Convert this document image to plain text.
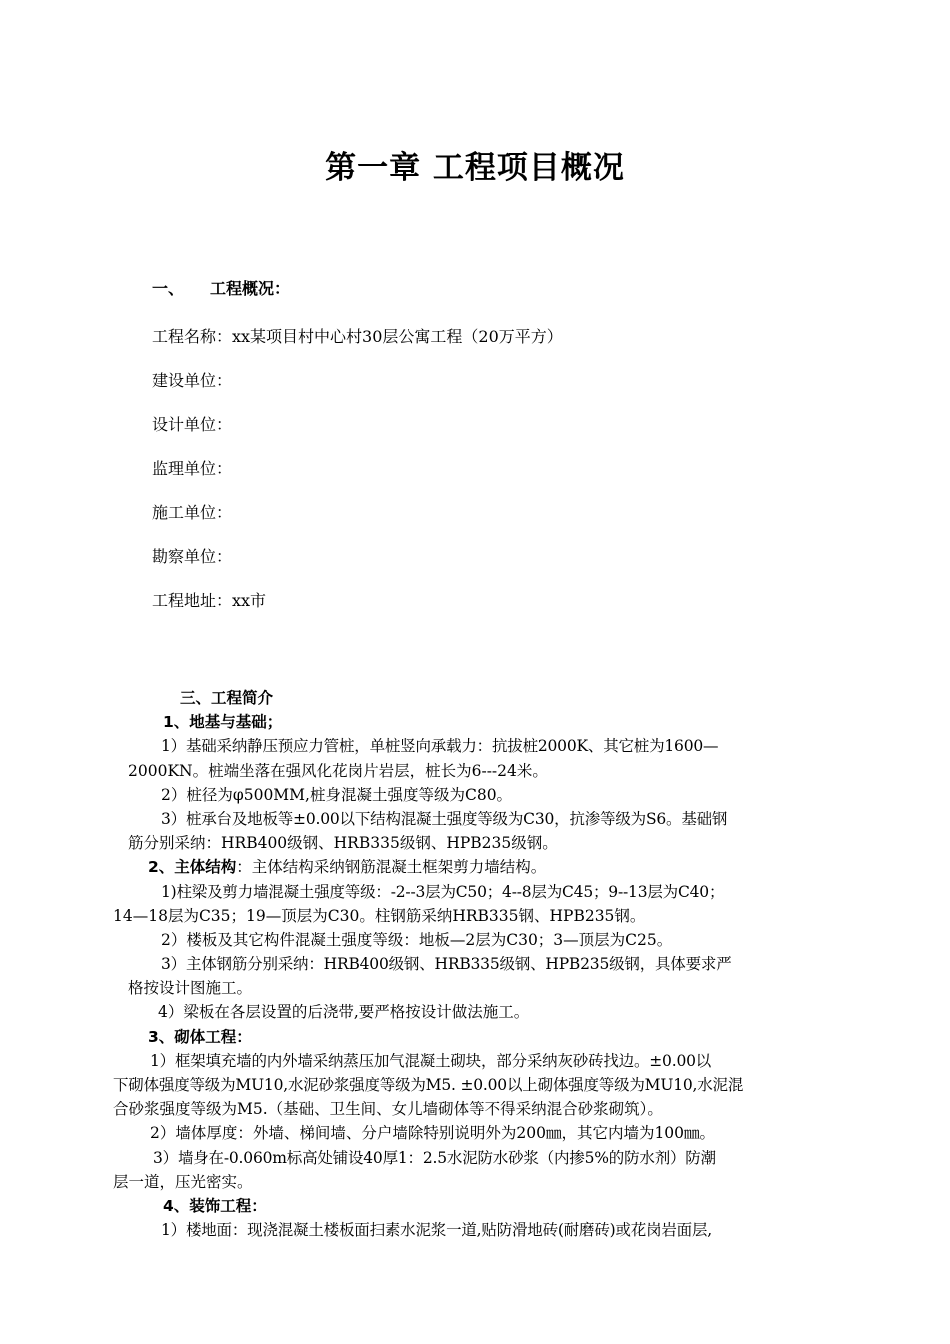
第一章 工程项目概况
一、 工程概况：
工程名称：xx某项目村中心村30层公寓工程（20万平方）
建设单位：
设计单位：
监理单位：
施工单位：
勘察单位：
工程地址：xx市
三、工程简介
1、地基与基础；
1）基础采纳静压预应力管桩，单桩竖向承载力：抗拔桩2000K、其它桩为1600—
2000KN。桩端坐落在强风化花岗片岩层，桩长为6---24米。
2）桩径为φ500MM,桩身混凝土强度等级为C80。
3）桩承台及地板等±0.00以下结构混凝土强度等级为C30，抗渗等级为S6。基础钢
筋分别采纳：HRB400级钢、HRB335级钢、HPB235级钢。
2、主体结构：主体结构采纳钢筋混凝土框架剪力墙结构。
1)柱梁及剪力墙混凝土强度等级：-2--3层为C50；4--8层为C45；9--13层为C40；
14—18层为C35；19—顶层为C30。柱钢筋采纳HRB335钢、HPB235钢。
2）楼板及其它构件混凝土强度等级：地板—2层为C30；3—顶层为C25。
3）主体钢筋分别采纳：HRB400级钢、HRB335级钢、HPB235级钢，具体要求严
格按设计图施工。
4）梁板在各层设置的后浇带,要严格按设计做法施工。
3、砌体工程：
1）框架填充墙的内外墙采纳蒸压加气混凝土砌块，部分采纳灰砂砖找边。±0.00以
下砌体强度等级为MU10,水泥砂浆强度等级为M5. ±0.00以上砌体强度等级为MU10,水泥混
合砂浆强度等级为M5.（基础、卫生间、女儿墙砌体等不得采纳混合砂浆砌筑）。
2）墙体厚度：外墙、梯间墙、分户墙除特别说明外为200㎜，其它内墙为100㎜。
3）墙身在-0.060m标高处铺设40厚1：2.5水泥防水砂浆（内掺5%的防水剂）防潮
层一道，压光密实。
4、装饰工程：
1）楼地面：现浇混凝土楼板面扫素水泥浆一道,贴防滑地砖(耐磨砖)或花岗岩面层,
